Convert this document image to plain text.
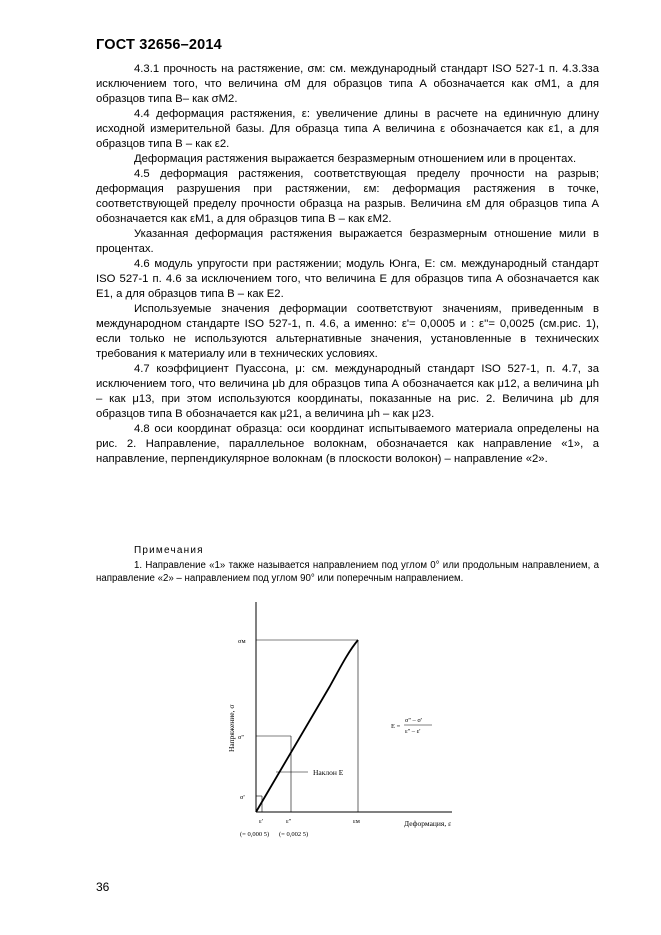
ГОСТ 32656–2014

4.3.1 прочность на растяжение, σм: см. международный стандарт ISO 527-1 п. 4.3.3за исключением того, что величина σМ для образцов типа А обозначается как σМ1, а для образцов типа В– как σМ2.

4.4 деформация растяжения, ε: увеличение длины в расчете на единичную длину исходной измерительной базы. Для образца типа А величина ε обозначается как ε1, а для образцов типа В – как ε2.

Деформация растяжения выражается безразмерным отношением или в процентах.

4.5 деформация растяжения, соответствующая пределу прочности на разрыв; деформация разрушения при растяжении, εм: деформация растяжения в точке, соответствующей пределу прочности образца на разрыв. Величина εМ для образцов типа А обозначается как εМ1, а для образцов типа В – как εМ2.

Указанная деформация растяжения выражается безразмерным отношение мили в процентах.

4.6 модуль упругости при растяжении; модуль Юнга, E: см. международный стандарт ISO 527-1 п. 4.6 за исключением того, что величина E для образцов типа А обозначается как E1, а для образцов типа В – как E2.

Используемые значения деформации соответствуют значениям, приведенным в международном стандарте ISO 527-1, п. 4.6, а именно: ε'= 0,0005 и : ε''= 0,0025 (см.рис. 1), если только не используются альтернативные значения, установленные в технических требования к материалу или в технических условиях.

4.7 коэффициент Пуассона, μ: см. международный стандарт ISO 527-1, п. 4.7, за исключением того, что величина μb для образцов типа А обозначается как μ12, а величина μh – как μ13, при этом используются координаты, показанные на рис. 2. Величина μb для образцов типа В обозначается как μ21, а величина μh – как μ23.

4.8 оси координат образца: оси координат испытываемого материала определены на рис. 2. Направление, параллельное волокнам, обозначается как направление «1», а направление, перпендикулярное волокнам (в плоскости волокон) – направление «2».

Примечания
1. Направление «1» также называется направлением под углом 0° или продольным направлением, а направление «2» – направлением под углом 90° или поперечным направлением.
σм
σ''
σ'
ε'	ε''	εм
(= 0,000 5) (= 0,002 5)
Напряжение, σ
Деформация, ε
Наклон E
E =
σ'' – σ'
ε'' – ε'
36
